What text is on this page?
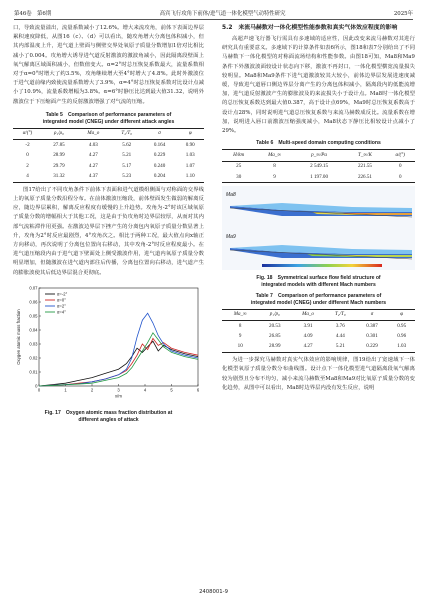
第46卷　第6期	高宾飞行攻角下前体/进气道一体化模型气动特性研究	2025年

口，导致流量溢出，流量系数减小了12.6%。增大来流攻角，前体下表面边界层累积速度降低，从图16（c）、（d）可以看出，随攻角增大分离包体积减小，但其内部温度上升，进气道上壁面与侧壁交界处氧原子质量分数增加1倍对比相比减小了0.004。攻角增大诱导进气道反射激波的激波角减小，因此隔离段壁面上氧气解离区域面积减小，但数值变大。α=2°时总压恢复系数最大，流量系数相对于α=0°时增大了约3.5%，攻角继续增大至4°时增大了4.8%。此时外激波位于进气道前缘内致使流量系数增大了3.9%，α=4°时总压恢复系数对比设计点减小了10.9%，流量系数增幅为3.8%。α=6°时静压比达到最大值31.32，说明外激波位于下压缩面产生的反射激波增强了对气流的压缩。

Table 5　Comparison of performance parameters of

integrated model (CNEG) under different attack angles

α/(°)	ρ₁/ρ₀	Ma_o	T₂/T₀	σ	φ
-2	27.85	4.03	5.62	0.164	0.90
0	28.99	4.27	5.21	0.229	1.03
2	29.79	4.27	5.17	0.240	1.07
4	31.32	4.37	5.23	0.204	1.10

图17给出了不同攻角条件下前体下表面和进气道模组侧面与对称面的交界线上的氧原子质量分数沿程分布。在前体激波压缩段，前体壁面发生做弱的解离反应，随边界层累积，解离反应程度有缓慢的上升趋势。攻角为-2°时该区域氧原子质量分数的增幅相大于其他工况，这是由于负攻角时边界层较厚，从而对其内部气流粘滞作用更强。在激波边界层下挫产生的分离包内氧原子质量分数显著上升，攻角为2°时反应最剧烈，4°攻角次之。相比于两种工况，最大值点向x轴正方向移动，再次说明了分离包位置向右移动，其中攻角-2°时反应程度最小。在进气道压缩段内由于进气道下壁面处上侧受激波作用，进气道内氧原子质量分数明显增加，但随激波在进气道内部往后传播，分离包位置向右移动，进气道产生的膨胀波使其后低边界层混合更彻底。

0
0.01
0.02
0.03
0.04
0.05
0.06
0.07
0	1	2	3	4	5	6
Oxygen atomic mass fraction
x/m
α=-2°
α=0°
α=2°
α=4°

Fig. 17　Oxygen atomic mass fraction distribution at

different angles of attack

5.2　来流马赫数对一体化模型性能参数和真实气体效应程度的影响

高超声速飞行器飞行需具有多速域的适应性，因此改变来流马赫数对其进行研究具有重要意义。多速域下的计算条件如表6所示，图18和表7分别给出了不同马赫数下一体化模型的对称面流场结构和性能参数。由图18可知，Ma8和Ma9条件下外激波波面较设计状态向下移，激波不再封口，一体化模型横宽流量损失较明显。Ma8和Ma9条件下进气道激波较其大较小，前体边界层发展进速度减缓，导致进气道唇口侧边界层分离产生的分离包体积减小，隔离段内的低能流增加，进气道反射激波产生的膨胀波及的来流损失小于设计点。Ma8时一体化模型的总压恢复系数达到最大值0.387，高于设计点69%，Ma9时总压恢复系数高于设计点28%，同时说明进气道总压恢复系数与来流马赫数成反比。流量系数在增加，说明进入唇口前激波压缩强度减小，Ma8状态下静压比相较设计点减小了29%。

Table 6　Multi-speed domain computing conditions

H/km	Ma_∞	p_∞/Pa	T_∞/K	α/(°)
25	8	2 549.15	221.55	0
30	9	1 197.00	226.51	0
Ma8
Ma9

Fig. 18　Symmetrical surface flow field structure of

integrated models with different Mach numbers

Table 7　Comparison of performance parameters of

integrated model (CNEG) under different Mach numbers

Ma_∞	p₁/p₀	Ma_o	T₂/T₀	σ	φ
8	20.53	3.91	3.76	0.387	0.95
9	26.85	4.09	4.44	0.301	0.96
10	28.99	4.27	5.21	0.229	1.03

为进一步探究马赫数对真实气体效应的影响规律，图19给出了宽速域下一体化模型氧原子质量分数分布曲线图。设计点下一体化模型进气道隔离段氧气解离较为剧烈且分布不均匀，减小来流马赫数至Ma8和Ma9对比氧原子质量分数的变化趋势，从图中可以看出，Ma8时边界层内没有发生反应，说明

2408001-9
